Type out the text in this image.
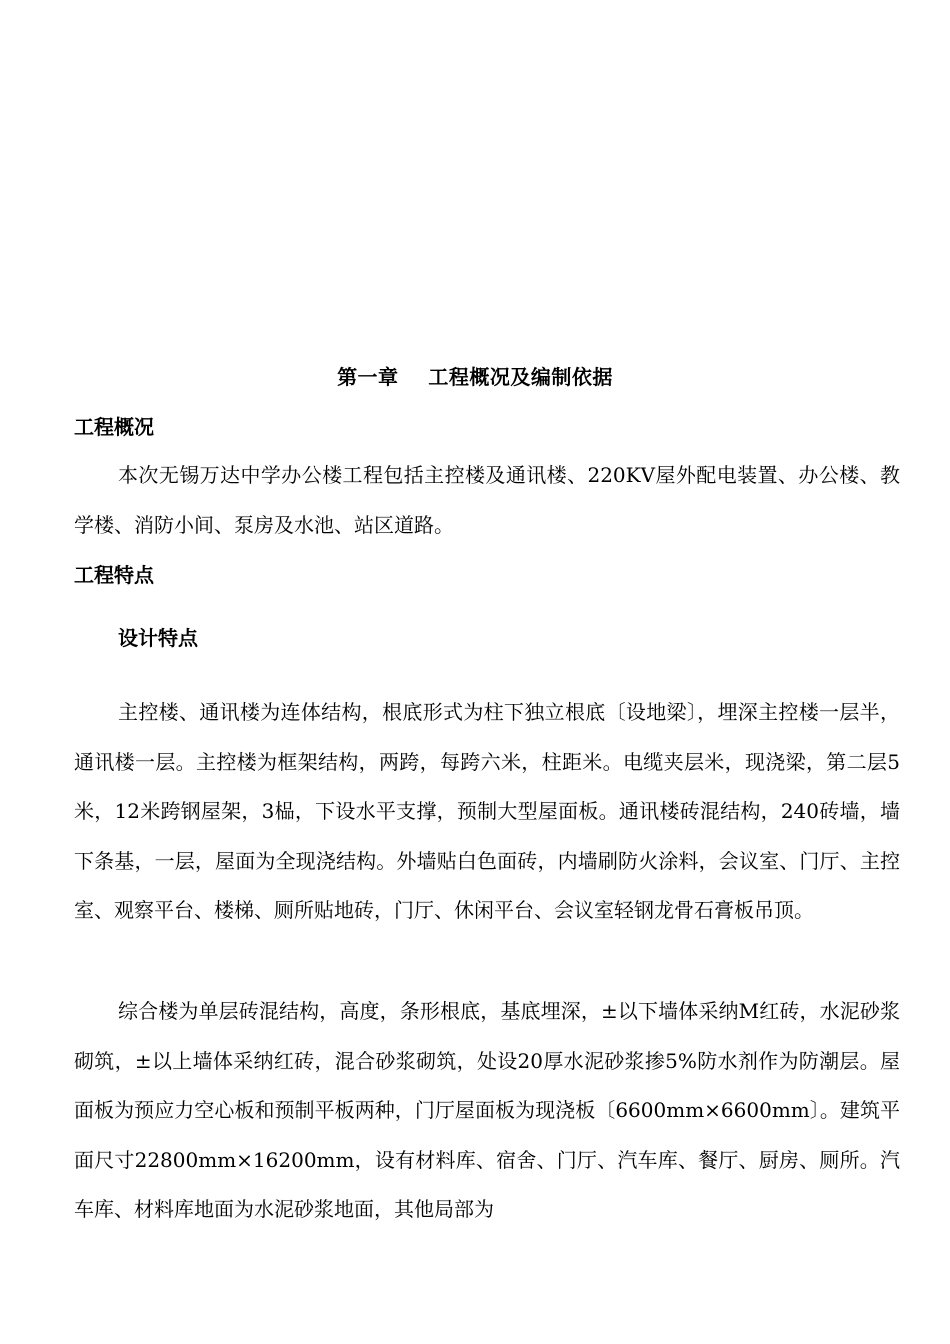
第一章    工程概况及编制依据
工程概况

本次无锡万达中学办公楼工程包括主控楼及通讯楼、220KV屋外配电装置、办公楼、教学楼、消防小间、泵房及水池、站区道路。

工程特点
设计特点

主控楼、通讯楼为连体结构，根底形式为柱下独立根底〔设地梁〕，埋深主控楼一层半，通讯楼一层。主控楼为框架结构，两跨，每跨六米，柱距米。电缆夹层米，现浇梁，第二层5米，12米跨钢屋架，3榀，下设水平支撑，预制大型屋面板。通讯楼砖混结构，240砖墙，墙下条基，一层，屋面为全现浇结构。外墙贴白色面砖，内墙刷防火涂料，会议室、门厅、主控室、观察平台、楼梯、厕所贴地砖，门厅、休闲平台、会议室轻钢龙骨石膏板吊顶。

综合楼为单层砖混结构，高度，条形根底，基底埋深，±以下墙体采纳M红砖，水泥砂浆砌筑，±以上墙体采纳红砖，混合砂浆砌筑，处设20厚水泥砂浆掺5%防水剂作为防潮层。屋面板为预应力空心板和预制平板两种，门厅屋面板为现浇板〔6600mm×6600mm〕。建筑平面尺寸22800mm×16200mm，设有材料库、宿舍、门厅、汽车库、餐厅、厨房、厕所。汽车库、材料库地面为水泥砂浆地面，其他局部为
